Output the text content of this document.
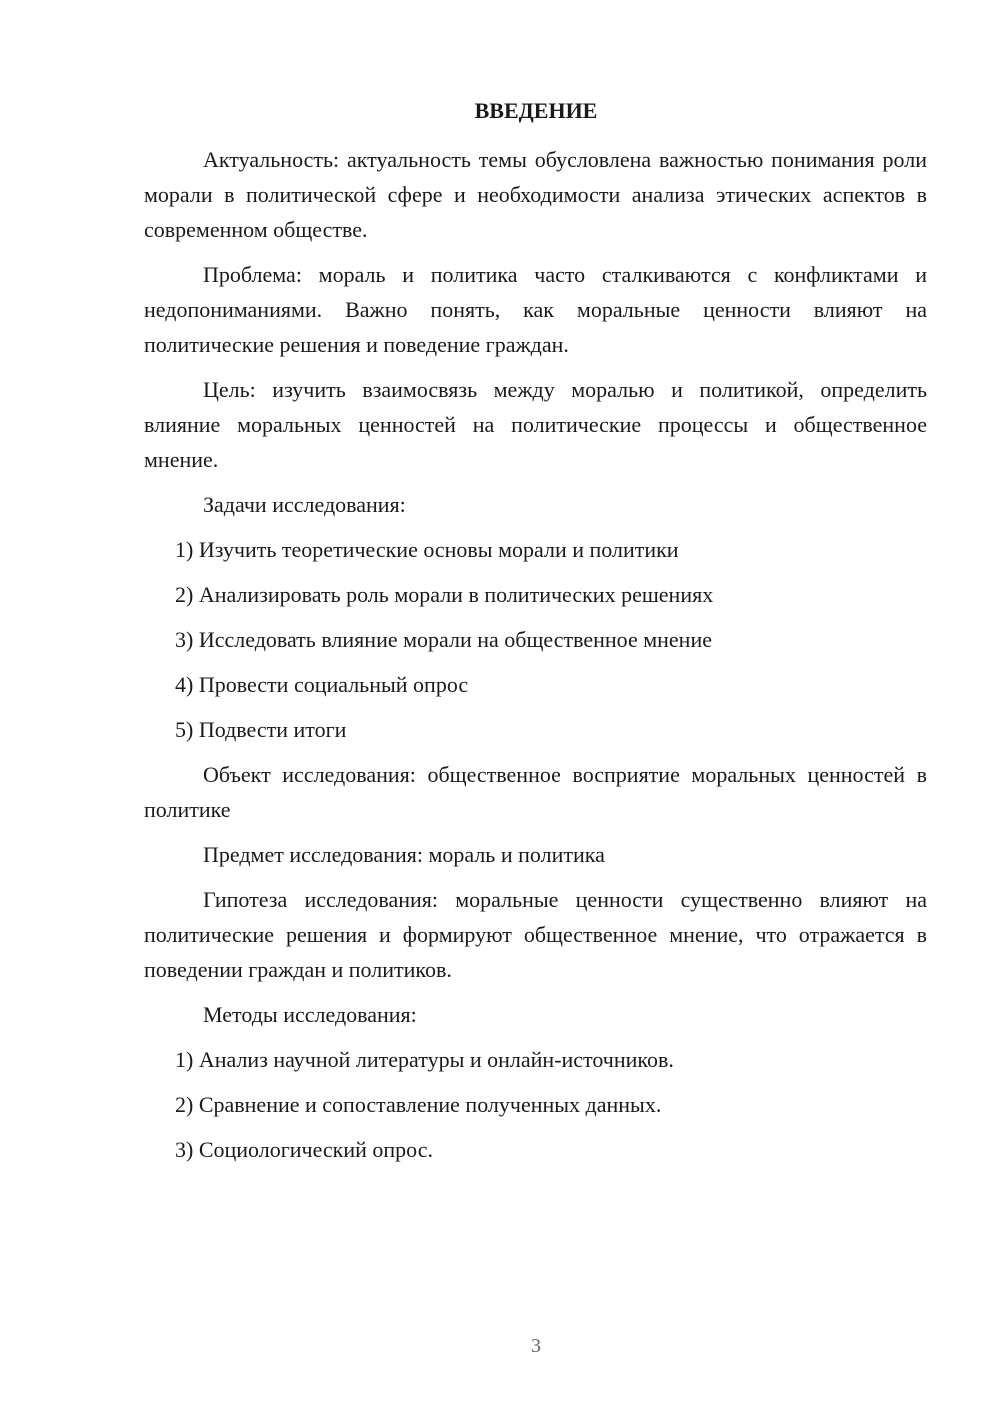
ВВЕДЕНИЕ

Актуальность: актуальность темы обусловлена важностью понимания роли морали в политической сфере и необходимости анализа этических аспектов в современном обществе.

Проблема: мораль и политика часто сталкиваются с конфликтами и недопониманиями. Важно понять, как моральные ценности влияют на политические решения и поведение граждан.

Цель: изучить взаимосвязь между моралью и политикой, определить влияние моральных ценностей на политические процессы и общественное мнение.

Задачи исследования:

1) Изучить теоретические основы морали и политики
2) Анализировать роль морали в политических решениях
3) Исследовать влияние морали на общественное мнение
4) Провести социальный опрос
5) Подвести итоги

Объект исследования: общественное восприятие моральных ценностей в политике

Предмет исследования: мораль и политика

Гипотеза исследования: моральные ценности существенно влияют на политические решения и формируют общественное мнение, что отражается в поведении граждан и политиков.

Методы исследования:

1) Анализ научной литературы и онлайн-источников.
2) Сравнение и сопоставление полученных данных.
3) Социологический опрос.
3
